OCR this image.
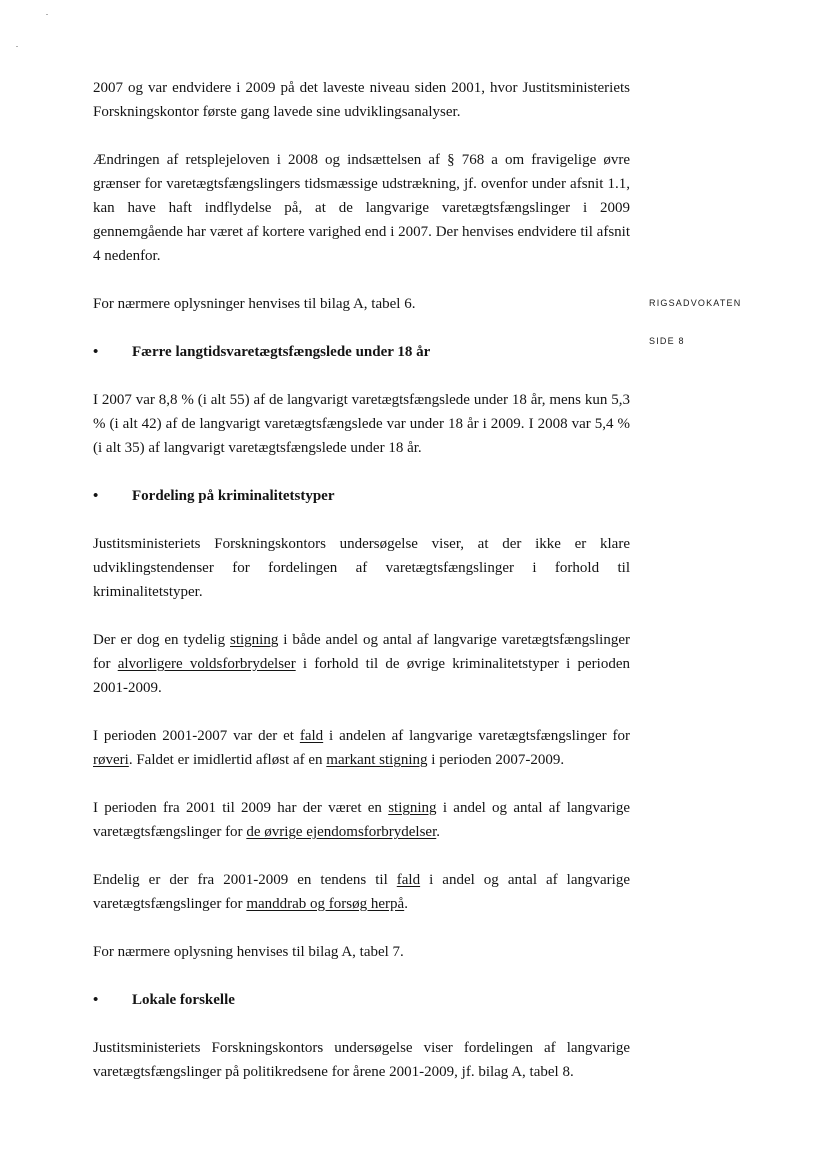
RIGSADVOKATEN
SIDE 8

2007 og var endvidere i 2009 på det laveste niveau siden 2001, hvor Justitsministeriets Forskningskontor første gang lavede sine udviklingsanalyser.

Ændringen af retsplejeloven i 2008 og indsættelsen af § 768 a om fravigelige øvre grænser for varetægtsfængslingers tidsmæssige udstrækning, jf. ovenfor under afsnit 1.1, kan have haft indflydelse på, at de langvarige varetægtsfængslinger i 2009 gennemgående har været af kortere varighed end i 2007. Der henvises endvidere til afsnit 4 nedenfor.

For nærmere oplysninger henvises til bilag A, tabel 6.

• Færre langtidsvaretægtsfængslede under 18 år

I 2007 var 8,8 % (i alt 55) af de langvarigt varetægtsfængslede under 18 år, mens kun 5,3 % (i alt 42) af de langvarigt varetægtsfængslede var under 18 år i 2009. I 2008 var 5,4 % (i alt 35) af langvarigt varetægtsfængslede under 18 år.

• Fordeling på kriminalitetstyper

Justitsministeriets Forskningskontors undersøgelse viser, at der ikke er klare udviklingstendenser for fordelingen af varetægtsfængslinger i forhold til kriminalitetstyper.

Der er dog en tydelig stigning i både andel og antal af langvarige varetægtsfængslinger for alvorligere voldsforbrydelser i forhold til de øvrige kriminalitetstyper i perioden 2001-2009.

I perioden 2001-2007 var der et fald i andelen af langvarige varetægtsfængslinger for røveri. Faldet er imidlertid afløst af en markant stigning i perioden 2007-2009.

I perioden fra 2001 til 2009 har der været en stigning i andel og antal af langvarige varetægtsfængslinger for de øvrige ejendomsforbrydelser.

Endelig er der fra 2001-2009 en tendens til fald i andel og antal af langvarige varetægtsfængslinger for manddrab og forsøg herpå.

For nærmere oplysning henvises til bilag A, tabel 7.

• Lokale forskelle

Justitsministeriets Forskningskontors undersøgelse viser fordelingen af langvarige varetægtsfængslinger på politikredsene for årene 2001-2009, jf. bilag A, tabel 8.
